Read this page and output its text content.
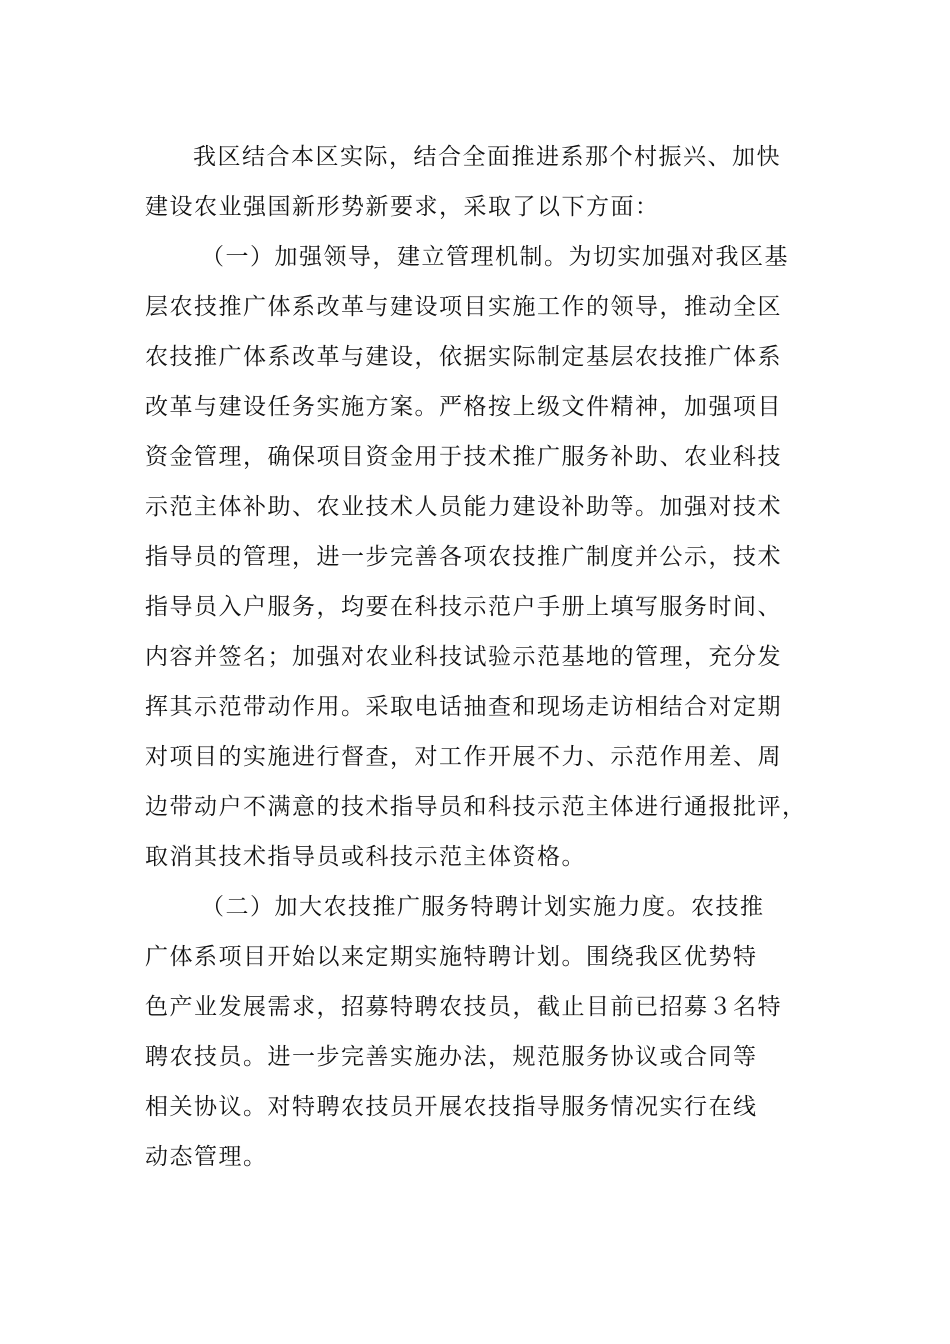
我区结合本区实际，结合全面推进系那个村振兴、加快
建设农业强国新形势新要求，采取了以下方面：
（一）加强领导，建立管理机制。为切实加强对我区基
层农技推广体系改革与建设项目实施工作的领导，推动全区
农技推广体系改革与建设，依据实际制定基层农技推广体系
改革与建设任务实施方案。严格按上级文件精神，加强项目
资金管理，确保项目资金用于技术推广服务补助、农业科技
示范主体补助、农业技术人员能力建设补助等。加强对技术
指导员的管理，进一步完善各项农技推广制度并公示，技术
指导员入户服务，均要在科技示范户手册上填写服务时间、
内容并签名；加强对农业科技试验示范基地的管理，充分发
挥其示范带动作用。采取电话抽查和现场走访相结合对定期
对项目的实施进行督查，对工作开展不力、示范作用差、周
边带动户不满意的技术指导员和科技示范主体进行通报批评，
取消其技术指导员或科技示范主体资格。
（二）加大农技推广服务特聘计划实施力度。农技推
广体系项目开始以来定期实施特聘计划。围绕我区优势特
色产业发展需求，招募特聘农技员，截止目前已招募３名特
聘农技员。进一步完善实施办法，规范服务协议或合同等
相关协议。对特聘农技员开展农技指导服务情况实行在线
动态管理。
